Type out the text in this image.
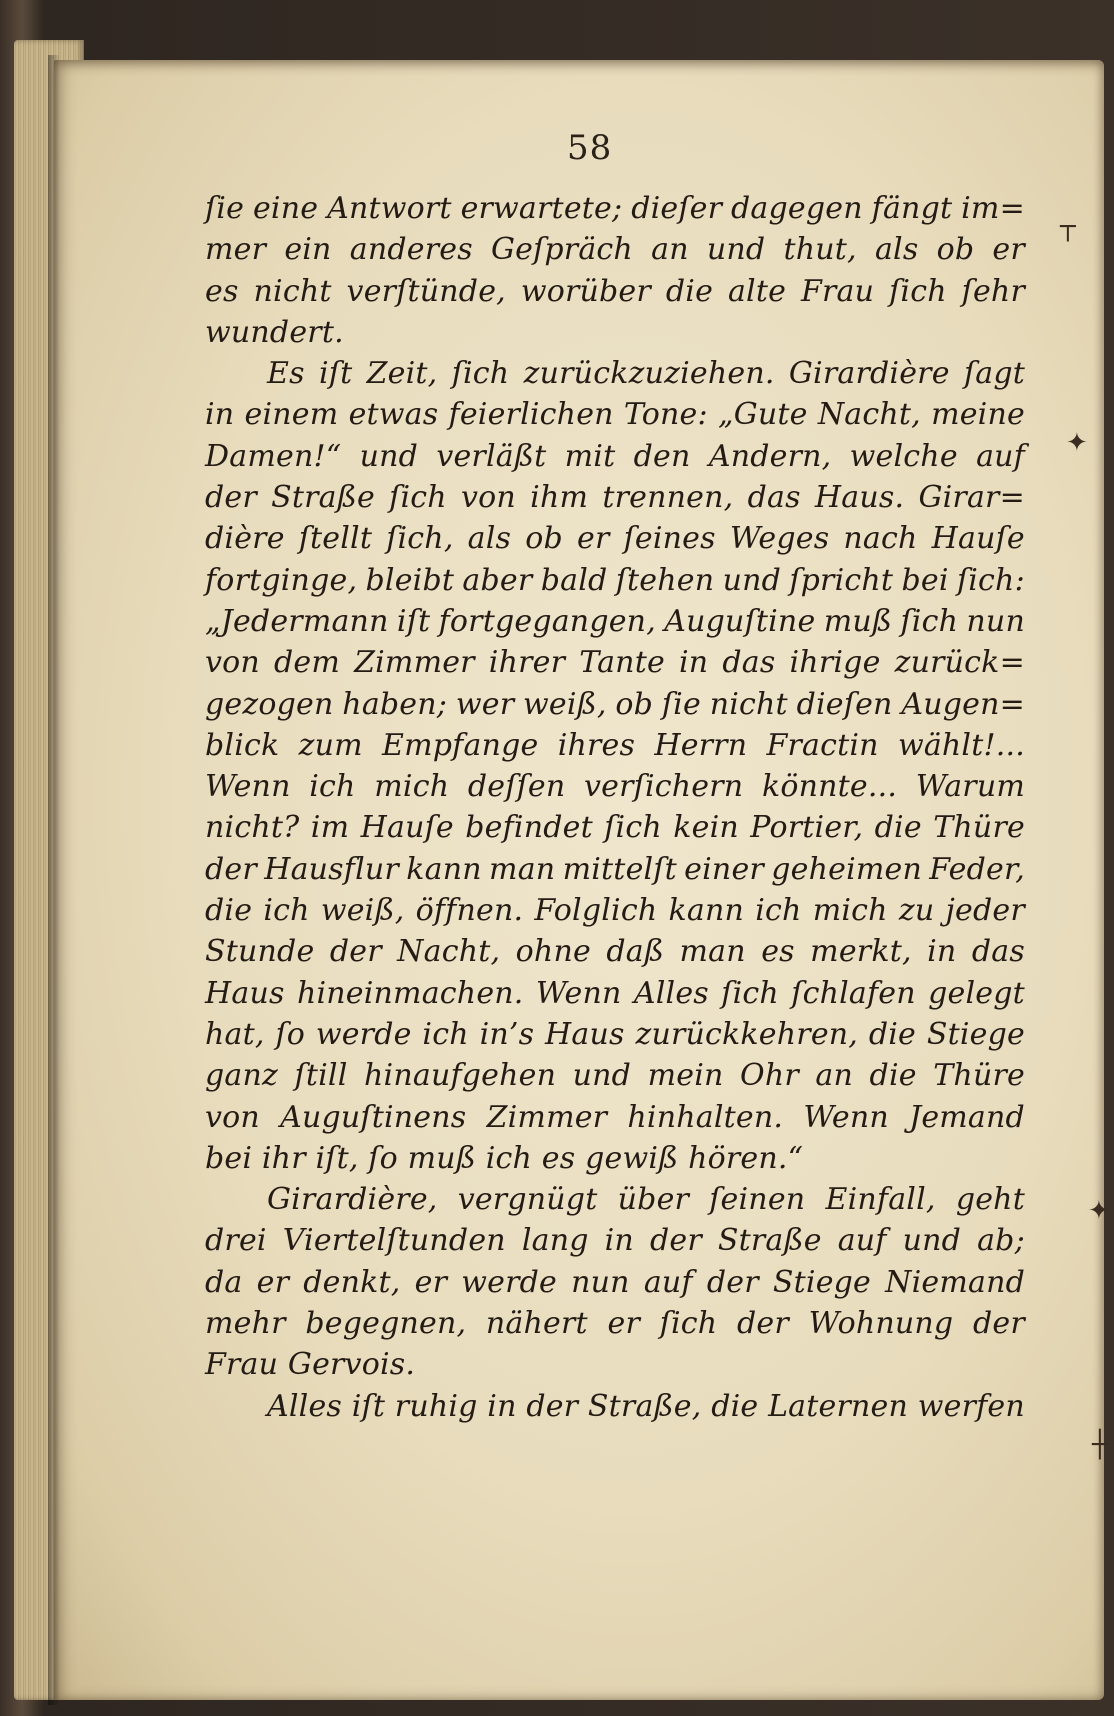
58
ſie eine Antwort erwartete; dieſer dagegen fängt im=
mer ein anderes Geſpräch an und thut, als ob er
es nicht verſtünde, worüber die alte Frau ſich ſehr
wundert.
Es iſt Zeit, ſich zurückzuziehen. Girardière ſagt
in einem etwas feierlichen Tone: „Gute Nacht, meine
Damen!“ und verläßt mit den Andern, welche auf
der Straße ſich von ihm trennen, das Haus. Girar=
dière ſtellt ſich, als ob er ſeines Weges nach Hauſe
fortginge, bleibt aber bald ſtehen und ſpricht bei ſich:
„Jedermann iſt fortgegangen, Auguſtine muß ſich nun
von dem Zimmer ihrer Tante in das ihrige zurück=
gezogen haben; wer weiß, ob ſie nicht dieſen Augen=
blick zum Empfange ihres Herrn Fractin wählt!...
Wenn ich mich deſſen verſichern könnte... Warum
nicht? im Hauſe befindet ſich kein Portier, die Thüre
der Hausflur kann man mittelſt einer geheimen Feder,
die ich weiß, öffnen. Folglich kann ich mich zu jeder
Stunde der Nacht, ohne daß man es merkt, in das
Haus hineinmachen. Wenn Alles ſich ſchlafen gelegt
hat, ſo werde ich in’s Haus zurückkehren, die Stiege
ganz ſtill hinaufgehen und mein Ohr an die Thüre
von Auguſtinens Zimmer hinhalten. Wenn Jemand
bei ihr iſt, ſo muß ich es gewiß hören.“
Girardière, vergnügt über ſeinen Einfall, geht
drei Viertelſtunden lang in der Straße auf und ab;
da er denkt, er werde nun auf der Stiege Niemand
mehr begegnen, nähert er ſich der Wohnung der
Frau Gervois.
Alles iſt ruhig in der Straße, die Laternen werfen
┬
✦
✦
┼
